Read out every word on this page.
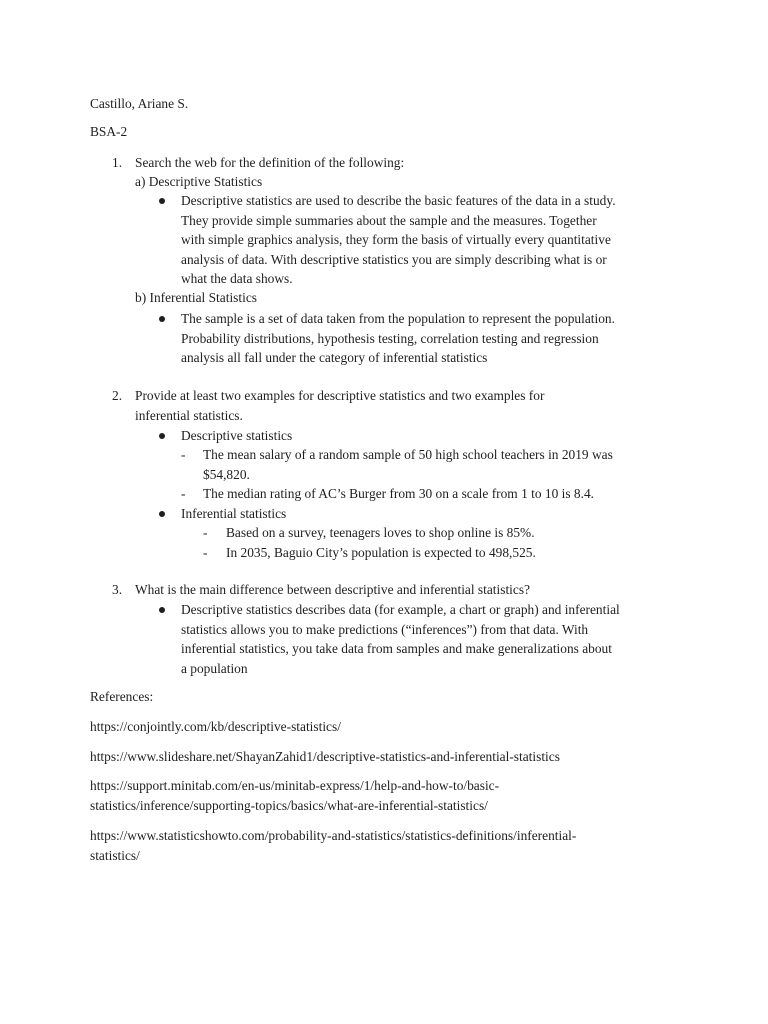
Castillo, Ariane S.
BSA-2
1. Search the web for the definition of the following:
a) Descriptive Statistics
Descriptive statistics are used to describe the basic features of the data in a study.
They provide simple summaries about the sample and the measures. Together
with simple graphics analysis, they form the basis of virtually every quantitative
analysis of data. With descriptive statistics you are simply describing what is or
what the data shows.
b) Inferential Statistics
The sample is a set of data taken from the population to represent the population.
Probability distributions, hypothesis testing, correlation testing and regression
analysis all fall under the category of inferential statistics
2. Provide at least two examples for descriptive statistics and two examples for
inferential statistics.
Descriptive statistics
- The mean salary of a random sample of 50 high school teachers in 2019 was
$54,820.
- The median rating of AC’s Burger from 30 on a scale from 1 to 10 is 8.4.
Inferential statistics
- Based on a survey, teenagers loves to shop online is 85%.
- In 2035, Baguio City’s population is expected to 498,525.
3. What is the main difference between descriptive and inferential statistics?
Descriptive statistics describes data (for example, a chart or graph) and inferential
statistics allows you to make predictions (“inferences”) from that data. With
inferential statistics, you take data from samples and make generalizations about
a population
References:
https://conjointly.com/kb/descriptive-statistics/
https://www.slideshare.net/ShayanZahid1/descriptive-statistics-and-inferential-statistics
https://support.minitab.com/en-us/minitab-express/1/help-and-how-to/basic-
statistics/inference/supporting-topics/basics/what-are-inferential-statistics/
https://www.statisticshowto.com/probability-and-statistics/statistics-definitions/inferential-
statistics/
